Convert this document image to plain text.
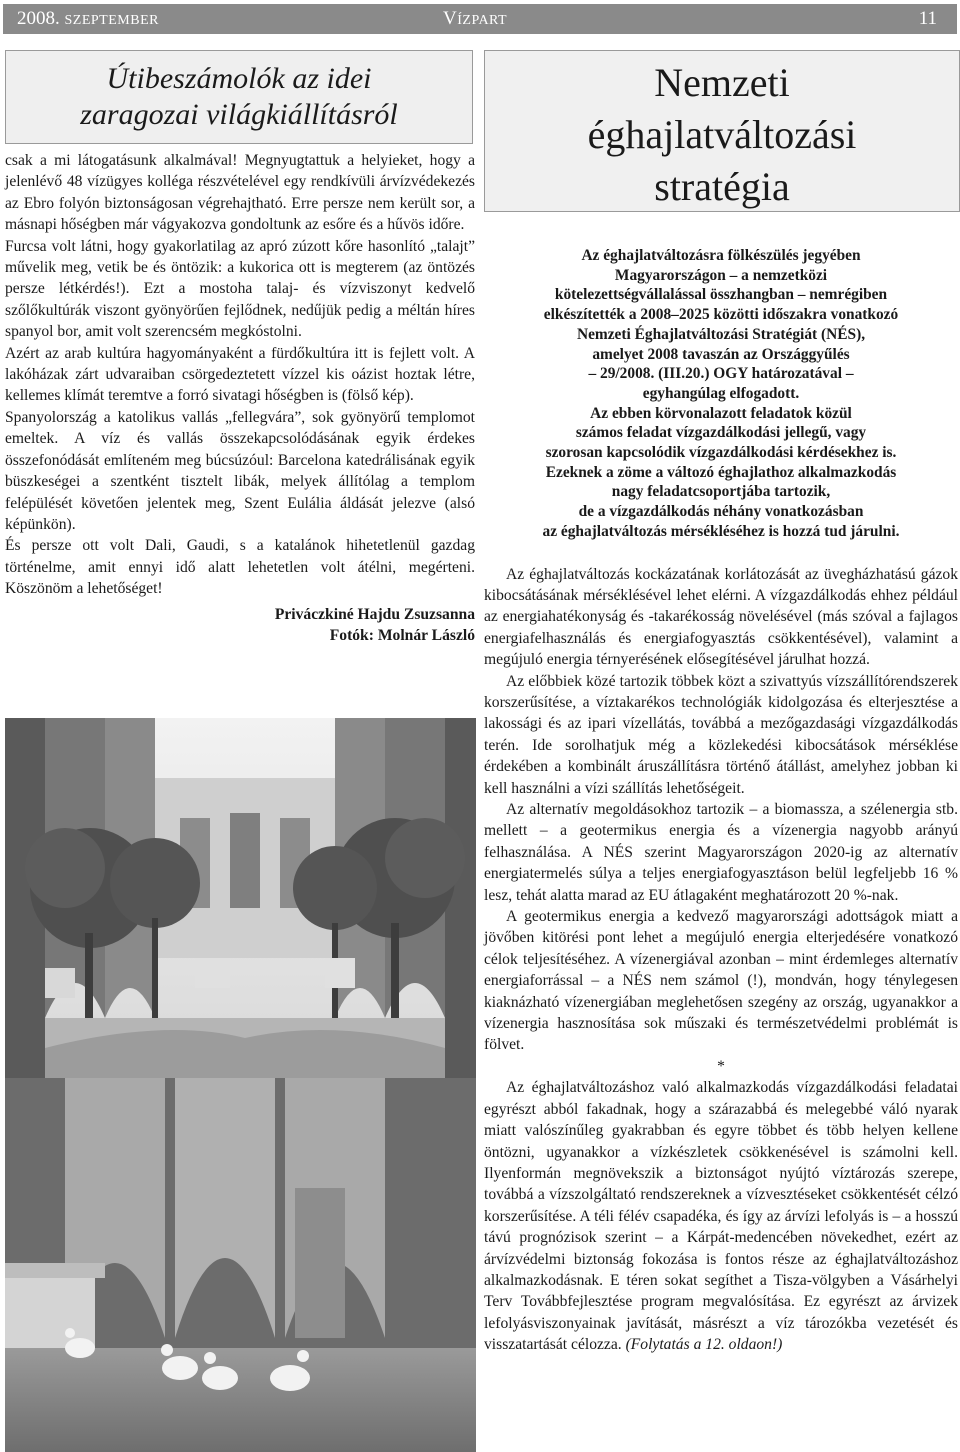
2008. SZEPTEMBER	VÍZPART	11
Útibeszámolók az idei
zaragozai világkiállításról

csak a mi látogatásunk alkalmával! Megnyugtattuk a helyieket, hogy a jelenlévő 48 vízügyes kolléga részvételével egy rendkívüli árvízvédekezés az Ebro folyón biztonságosan végrehajtható. Erre persze nem került sor, a másnapi hőségben már vágyakozva gondoltunk az esőre és a hűvös időre.

Furcsa volt látni, hogy gyakorlatilag az apró zúzott kőre hasonlító „talajt” művelik meg, vetik be és öntözik: a kukorica ott is megterem (az öntözés persze létkérdés!). Ezt a mostoha talaj- és vízviszonyt kedvelő szőlőkultúrák viszont gyönyörűen fejlődnek, nedűjük pedig a méltán híres spanyol bor, amit volt szerencsém megkóstolni.

Azért az arab kultúra hagyományaként a fürdőkultúra itt is fejlett volt. A lakóházak zárt udvaraiban csörgedeztetett vízzel kis oázist hoztak létre, kellemes klímát teremtve a forró sivatagi hőségben is (fölső kép).

Spanyolország a katolikus vallás „fellegvára”, sok gyönyörű templomot emeltek. A víz és vallás összekapcsolódásának egyik érdekes összefonódását említeném meg búcsúzóul: Barcelona katedrálisának egyik büszkeségei a szentként tisztelt libák, melyek állítólag a templom felépülését követően jelentek meg, Szent Eulália áldását jelezve (alsó képünkön).

És persze ott volt Dali, Gaudi, s a katalánok hihetetlenül gazdag történelme, amit ennyi idő alatt lehetetlen volt átélni, megérteni. Köszönöm a lehetőséget!

Priváczkiné Hajdu Zsuzsanna
Fotók: Molnár László
Nemzeti
éghajlatváltozási
stratégia
Az éghajlatváltozásra fölkészülés jegyében
Magyarországon – a nemzetközi
kötelezettségvállalással összhangban – nemrégiben
elkészítették a 2008–2025 közötti időszakra vonatkozó
Nemzeti Éghajlatváltozási Stratégiát (NÉS),
amelyet 2008 tavaszán az Országgyűlés
– 29/2008. (III.20.) OGY határozatával –
egyhangúlag elfogadott.
Az ebben körvonalazott feladatok közül
számos feladat vízgazdálkodási jellegű, vagy
szorosan kapcsolódik vízgazdálkodási kérdésekhez is.
Ezeknek a zöme a változó éghajlathoz alkalmazkodás
nagy feladatcsoportjába tartozik,
de a vízgazdálkodás néhány vonatkozásban
az éghajlatváltozás mérsékléséhez is hozzá tud járulni.

Az éghajlatváltozás kockázatának korlátozását az üvegházhatású gázok kibocsátásának mérséklésével lehet elérni. A vízgazdálkodás ehhez például az energiahatékonyság és -takarékosság növelésével (más szóval a fajlagos energiafelhasználás és energiafogyasztás csökkentésével), valamint a megújuló energia térnyerésének elősegítésével járulhat hozzá.

Az előbbiek közé tartozik többek közt a szivattyús vízszállítórendszerek korszerűsítése, a víztakarékos technológiák kidolgozása és elterjesztése a lakossági és az ipari vízellátás, továbbá a mezőgazdasági vízgazdálkodás terén. Ide sorolhatjuk még a közlekedési kibocsátások mérséklése érdekében a kombinált áruszállításra történő átállást, amelyhez jobban ki kell használni a vízi szállítás lehetőségeit.

Az alternatív megoldásokhoz tartozik – a biomassza, a szélenergia stb. mellett – a geotermikus energia és a vízenergia nagyobb arányú felhasználása. A NÉS szerint Magyarországon 2020-ig az alternatív energiatermelés súlya a teljes energiafogyasztáson belül legfeljebb 16 % lesz, tehát alatta marad az EU átlagaként meghatározott 20 %-nak.

A geotermikus energia a kedvező magyarországi adottságok miatt a jövőben kitörési pont lehet a megújuló energia elterjedésére vonatkozó célok teljesítéséhez. A vízenergiával azonban – mint érdemleges alternatív energiaforrással – a NÉS nem számol (!), mondván, hogy ténylegesen kiaknázható vízenergiában meglehetősen szegény az ország, ugyanakkor a vízenergia hasznosítása sok műszaki és természetvédelmi problémát is fölvet.

*

Az éghajlatváltozáshoz való alkalmazkodás vízgazdálkodási feladatai egyrészt abból fakadnak, hogy a szárazabbá és melegebbé váló nyarak miatt valószínűleg gyakrabban és egyre többet és több helyen kellene öntözni, ugyanakkor a vízkészletek csökkenésével is számolni kell. Ilyenformán megnövekszik a biztonságot nyújtó víztározás szerepe, továbbá a vízszolgáltató rendszereknek a vízvesztéseket csökkentését célzó korszerűsítése. A téli félév csapadéka, és így az árvízi lefolyás is – a hosszú távú prognózisok szerint – a Kárpát-medencében növekedhet, ezért az árvízvédelmi biztonság fokozása is fontos része az éghajlatváltozáshoz alkalmazkodásnak. E téren sokat segíthet a Tisza-völgyben a Vásárhelyi Terv Továbbfejlesztése program megvalósítása. Ez egyrészt az árvizek lefolyásviszonyainak javítását, másrészt a víz tározókba vezetését és visszatartását célozza. (Folytatás a 12. oldaon!)
